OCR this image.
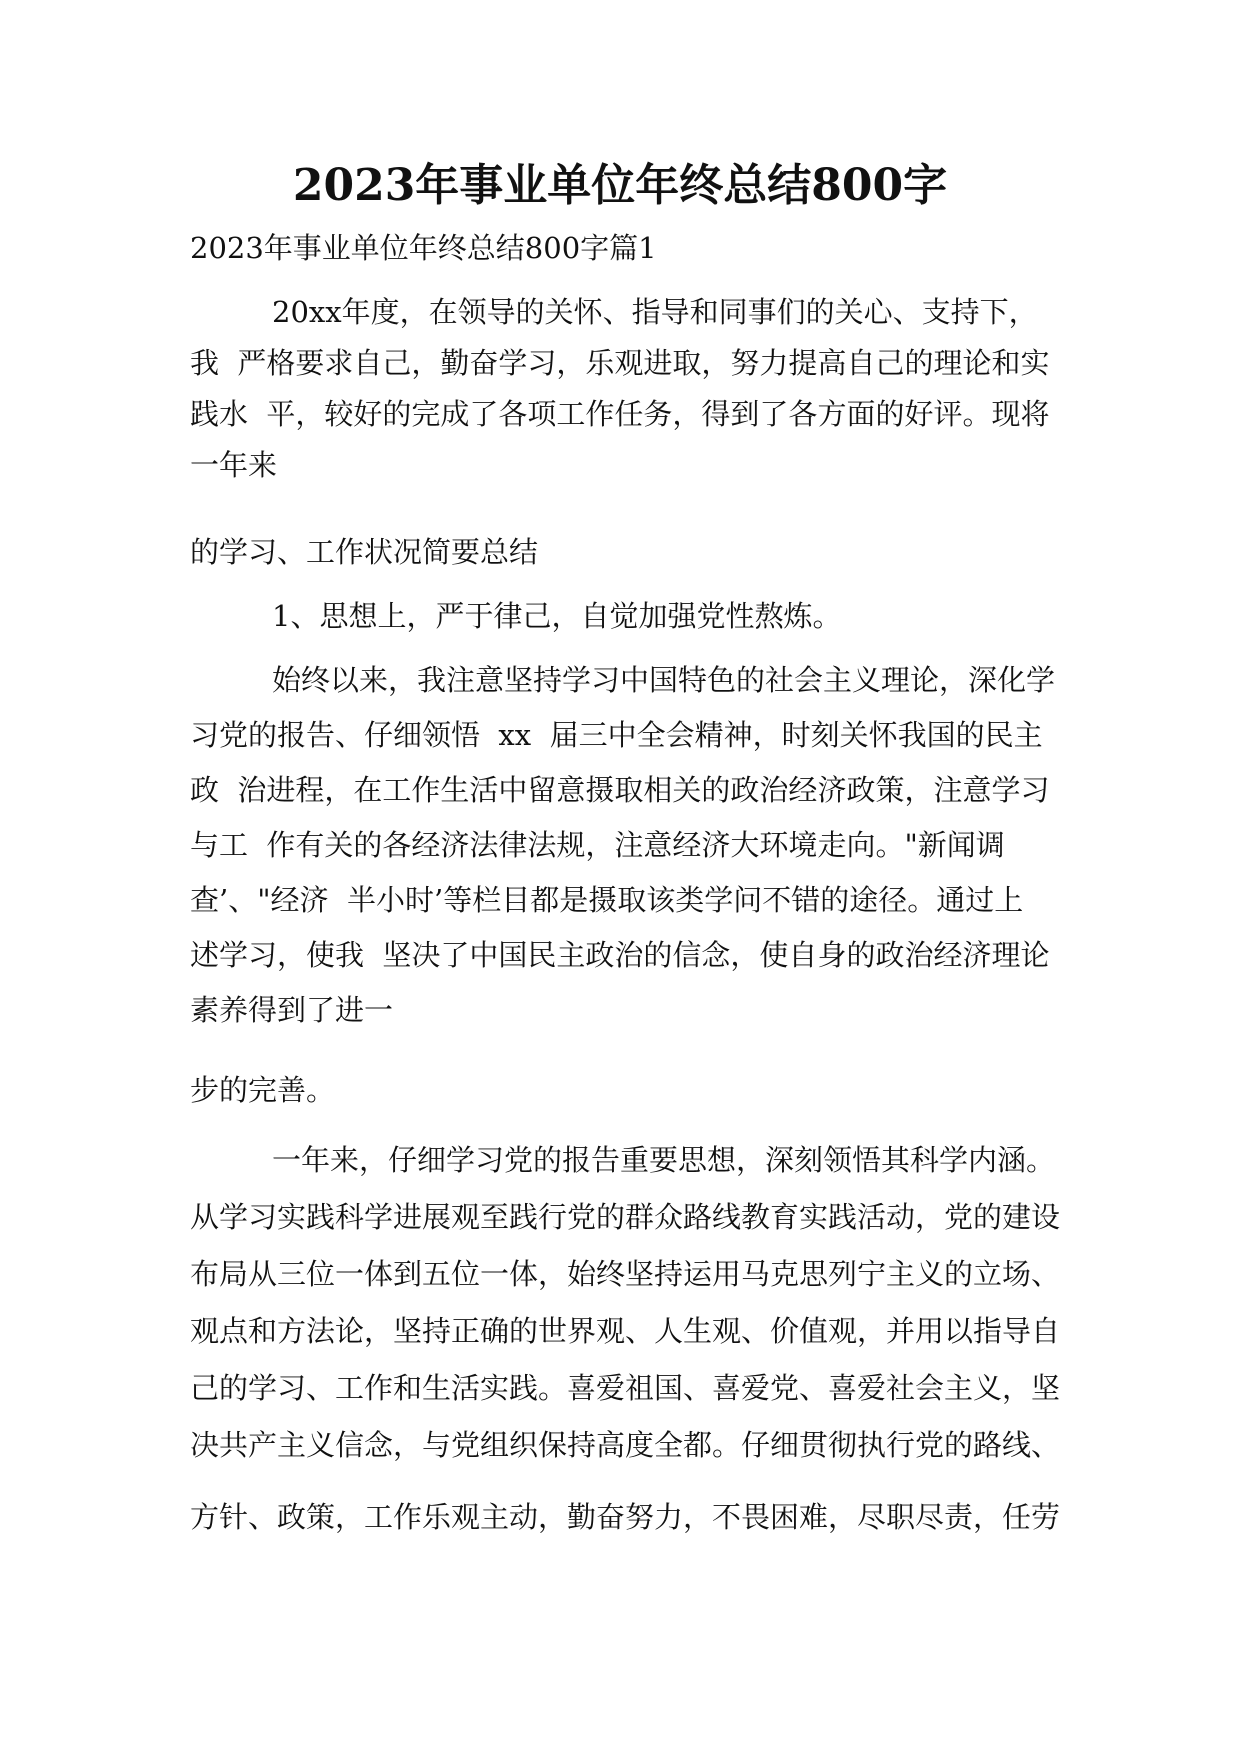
2023年事业单位年终总结800字

2023年事业单位年终总结800字篇1

20xx年度，在领导的关怀、指导和同事们的关心、支持下，

我  严格要求自己，勤奋学习，乐观进取，努力提高自己的理论和实

践水  平，较好的完成了各项工作任务，得到了各方面的好评。现将

一年来

的学习、工作状况简要总结

1、思想上，严于律己，自觉加强党性熬炼。

始终以来，我注意坚持学习中国特色的社会主义理论，深化学

习党的报告、仔细领悟  xx  届三中全会精神，时刻关怀我国的民主

政  治进程，在工作生活中留意摄取相关的政治经济政策，注意学习

与工  作有关的各经济法律法规，注意经济大环境走向。"新闻调

查’、"经济  半小时’等栏目都是摄取该类学问不错的途径。通过上

述学习，使我  坚决了中国民主政治的信念，使自身的政治经济理论

素养得到了进一

步的完善。

一年来，仔细学习党的报告重要思想，深刻领悟其科学内涵。

从学习实践科学进展观至践行党的群众路线教育实践活动，党的建设

布局从三位一体到五位一体，始终坚持运用马克思列宁主义的立场、

观点和方法论，坚持正确的世界观、人生观、价值观，并用以指导自

己的学习、工作和生活实践。喜爱祖国、喜爱党、喜爱社会主义，坚

决共产主义信念，与党组织保持高度全都。仔细贯彻执行党的路线、

方针、政策，工作乐观主动，勤奋努力，不畏困难，尽职尽责，任劳
